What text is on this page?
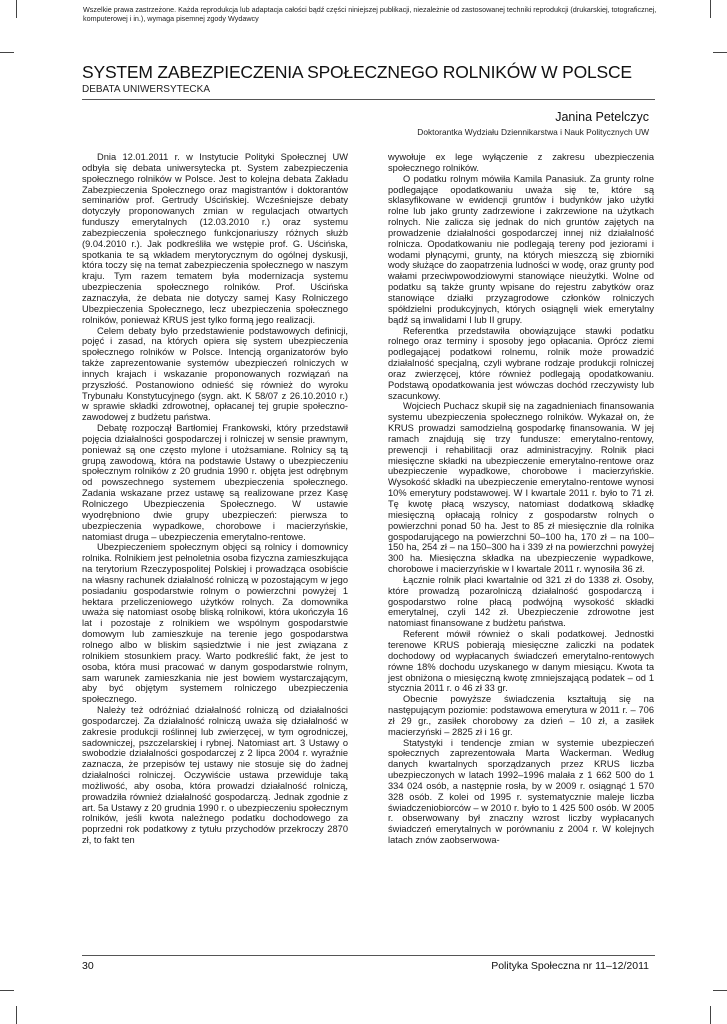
Wszelkie prawa zastrzeżone. Każda reprodukcja lub adaptacja całości bądź części niniejszej publikacji, niezależnie od zastosowanej techniki reprodukcji (drukarskiej, totograficznej, komputerowej i in.), wymaga pisemnej zgody Wydawcy
SYSTEM ZABEZPIECZENIA SPOŁECZNEGO ROLNIKÓW W POLSCE
DEBATA UNIWERSYTECKA
Janina Petelczyc
Doktorantka Wydziału Dziennikarstwa i Nauk Politycznych UW

Dnia 12.01.2011 r. w Instytucie Polityki Społecznej UW odbyła się debata uniwersytecka pt. System zabezpieczenia społecznego rolników w Polsce. Jest to kolejna debata Zakładu Zabezpieczenia Społecznego oraz magistrantów i doktorantów seminariów prof. Gertrudy Uścińskiej. Wcześniejsze debaty dotyczyły proponowanych zmian w regulacjach otwartych funduszy emerytalnych (12.03.2010 r.) oraz systemu zabezpieczenia społecznego funkcjonariuszy różnych służb (9.04.2010 r.). Jak podkreśliła we wstępie prof. G. Uścińska, spotkania te są wkładem merytorycznym do ogólnej dyskusji, która toczy się na temat zabezpieczenia społecznego w naszym kraju. Tym razem tematem była modernizacja systemu ubezpieczenia społecznego rolników. Prof. Uścińska zaznaczyła, że debata nie dotyczy samej Kasy Rolniczego Ubezpieczenia Społecznego, lecz ubezpieczenia społecznego rolników, ponieważ KRUS jest tylko formą jego realizacji.

Celem debaty było przedstawienie podstawowych definicji, pojęć i zasad, na których opiera się system ubezpieczenia społecznego rolników w Polsce. Intencją organizatorów było także zaprezentowanie systemów ubezpieczeń rolniczych w innych krajach i wskazanie proponowanych rozwiązań na przyszłość. Postanowiono odnieść się również do wyroku Trybunału Konstytucyjnego (sygn. akt. K 58/07 z 26.10.2010 r.) w sprawie składki zdrowotnej, opłacanej tej grupie społeczno-zawodowej z budżetu państwa.

Debatę rozpoczął Bartłomiej Frankowski, który przedstawił pojęcia działalności gospodarczej i rolniczej w sensie prawnym, ponieważ są one często mylone i utożsamiane. Rolnicy są tą grupą zawodową, która na podstawie Ustawy o ubezpieczeniu społecznym rolników z 20 grudnia 1990 r. objęta jest odrębnym od powszechnego systemem ubezpieczenia społecznego. Zadania wskazane przez ustawę są realizowane przez Kasę Rolniczego Ubezpieczenia Społecznego. W ustawie wyodrębniono dwie grupy ubezpieczeń: pierwsza to ubezpieczenia wypadkowe, chorobowe i macierzyńskie, natomiast druga – ubezpieczenia emerytalno-rentowe.

Ubezpieczeniem społecznym objęci są rolnicy i domownicy rolnika. Rolnikiem jest pełnoletnia osoba fizyczna zamieszkująca na terytorium Rzeczypospolitej Polskiej i prowadząca osobiście na własny rachunek działalność rolniczą w pozostającym w jego posiadaniu gospodarstwie rolnym o powierzchni powyżej 1 hektara przeliczeniowego użytków rolnych. Za domownika uważa się natomiast osobę bliską rolnikowi, która ukończyła 16 lat i pozostaje z rolnikiem we wspólnym gospodarstwie domowym lub zamieszkuje na terenie jego gospodarstwa rolnego albo w bliskim sąsiedztwie i nie jest związana z rolnikiem stosunkiem pracy. Warto podkreślić fakt, że jest to osoba, która musi pracować w danym gospodarstwie rolnym, sam warunek zamieszkania nie jest bowiem wystarczającym, aby być objętym systemem rolniczego ubezpieczenia społecznego.

Należy też odróżniać działalność rolniczą od działalności gospodarczej. Za działalność rolniczą uważa się działalność w zakresie produkcji roślinnej lub zwierzęcej, w tym ogrodniczej, sadowniczej, pszczelarskiej i rybnej. Natomiast art. 3 Ustawy o swobodzie działalności gospodarczej z 2 lipca 2004 r. wyraźnie zaznacza, że przepisów tej ustawy nie stosuje się do żadnej działalności rolniczej. Oczywiście ustawa przewiduje taką możliwość, aby osoba, która prowadzi działalność rolniczą, prowadziła również działalność gospodarczą. Jednak zgodnie z art. 5a Ustawy z 20 grudnia 1990 r. o ubezpieczeniu społecznym rolników, jeśli kwota należnego podatku dochodowego za poprzedni rok podatkowy z tytułu przychodów przekroczy 2870 zł, to fakt ten

wywołuje ex lege wyłączenie z zakresu ubezpieczenia społecznego rolników.

O podatku rolnym mówiła Kamila Panasiuk. Za grunty rolne podlegające opodatkowaniu uważa się te, które są sklasyfikowane w ewidencji gruntów i budynków jako użytki rolne lub jako grunty zadrzewione i zakrzewione na użytkach rolnych. Nie zalicza się jednak do nich gruntów zajętych na prowadzenie działalności gospodarczej innej niż działalność rolnicza. Opodatkowaniu nie podlegają tereny pod jeziorami i wodami płynącymi, grunty, na których mieszczą się zbiorniki wody służące do zaopatrzenia ludności w wodę, oraz grunty pod wałami przeciwpowodziowymi stanowiące nieużytki. Wolne od podatku są także grunty wpisane do rejestru zabytków oraz stanowiące działki przyzagrodowe członków rolniczych spółdzielni produkcyjnych, których osiągnęli wiek emerytalny bądź są inwalidami I lub II grupy.

Referentka przedstawiła obowiązujące stawki podatku rolnego oraz terminy i sposoby jego opłacania. Oprócz ziemi podlegającej podatkowi rolnemu, rolnik może prowadzić działalność specjalną, czyli wybrane rodzaje produkcji rolniczej oraz zwierzęcej, które również podlegają opodatkowaniu. Podstawą opodatkowania jest wówczas dochód rzeczywisty lub szacunkowy.

Wojciech Puchacz skupił się na zagadnieniach finansowania systemu ubezpieczenia społecznego rolników. Wykazał on, że KRUS prowadzi samodzielną gospodarkę finansowania. W jej ramach znajdują się trzy fundusze: emerytalno-rentowy, prewencji i rehabilitacji oraz administracyjny. Rolnik płaci miesięczne składki na ubezpieczenie emerytalno-rentowe oraz ubezpieczenie wypadkowe, chorobowe i macierzyńskie. Wysokość składki na ubezpieczenie emerytalno-rentowe wynosi 10% emerytury podstawowej. W I kwartale 2011 r. było to 71 zł. Tę kwotę płacą wszyscy, natomiast dodatkową składkę miesięczną opłacają rolnicy z gospodarstw rolnych o powierzchni ponad 50 ha. Jest to 85 zł miesięcznie dla rolnika gospodarującego na powierzchni 50–100 ha, 170 zł – na 100–150 ha, 254 zł – na 150–300 ha i 339 zł na powierzchni powyżej 300 ha. Miesięczna składka na ubezpieczenie wypadkowe, chorobowe i macierzyńskie w I kwartale 2011 r. wynosiła 36 zł.

Łącznie rolnik płaci kwartalnie od 321 zł do 1338 zł. Osoby, które prowadzą pozarolniczą działalność gospodarczą i gospodarstwo rolne płacą podwójną wysokość składki emerytalnej, czyli 142 zł. Ubezpieczenie zdrowotne jest natomiast finansowane z budżetu państwa.

Referent mówił również o skali podatkowej. Jednostki terenowe KRUS pobierają miesięczne zaliczki na podatek dochodowy od wypłacanych świadczeń emerytalno-rentowych równe 18% dochodu uzyskanego w danym miesiącu. Kwota ta jest obniżona o miesięczną kwotę zmniejszającą podatek – od 1 stycznia 2011 r. o 46 zł 33 gr.

Obecnie powyższe świadczenia kształtują się na następującym poziomie: podstawowa emerytura w 2011 r. – 706 zł 29 gr., zasiłek chorobowy za dzień – 10 zł, a zasiłek macierzyński – 2825 zł i 16 gr.

Statystyki i tendencje zmian w systemie ubezpieczeń społecznych zaprezentowała Marta Wackerman. Według danych kwartalnych sporządzanych przez KRUS liczba ubezpieczonych w latach 1992–1996 malała z 1 662 500 do 1 334 024 osób, a następnie rosła, by w 2009 r. osiągnąć 1 570 328 osób. Z kolei od 1995 r. systematycznie maleje liczba świadczeniobiorców – w 2010 r. było to 1 425 500 osób. W 2005 r. obserwowany był znaczny wzrost liczby wypłacanych świadczeń emerytalnych w porównaniu z 2004 r. W kolejnych latach znów zaobserwowa-

30	Polityka Społeczna nr 11–12/2011
